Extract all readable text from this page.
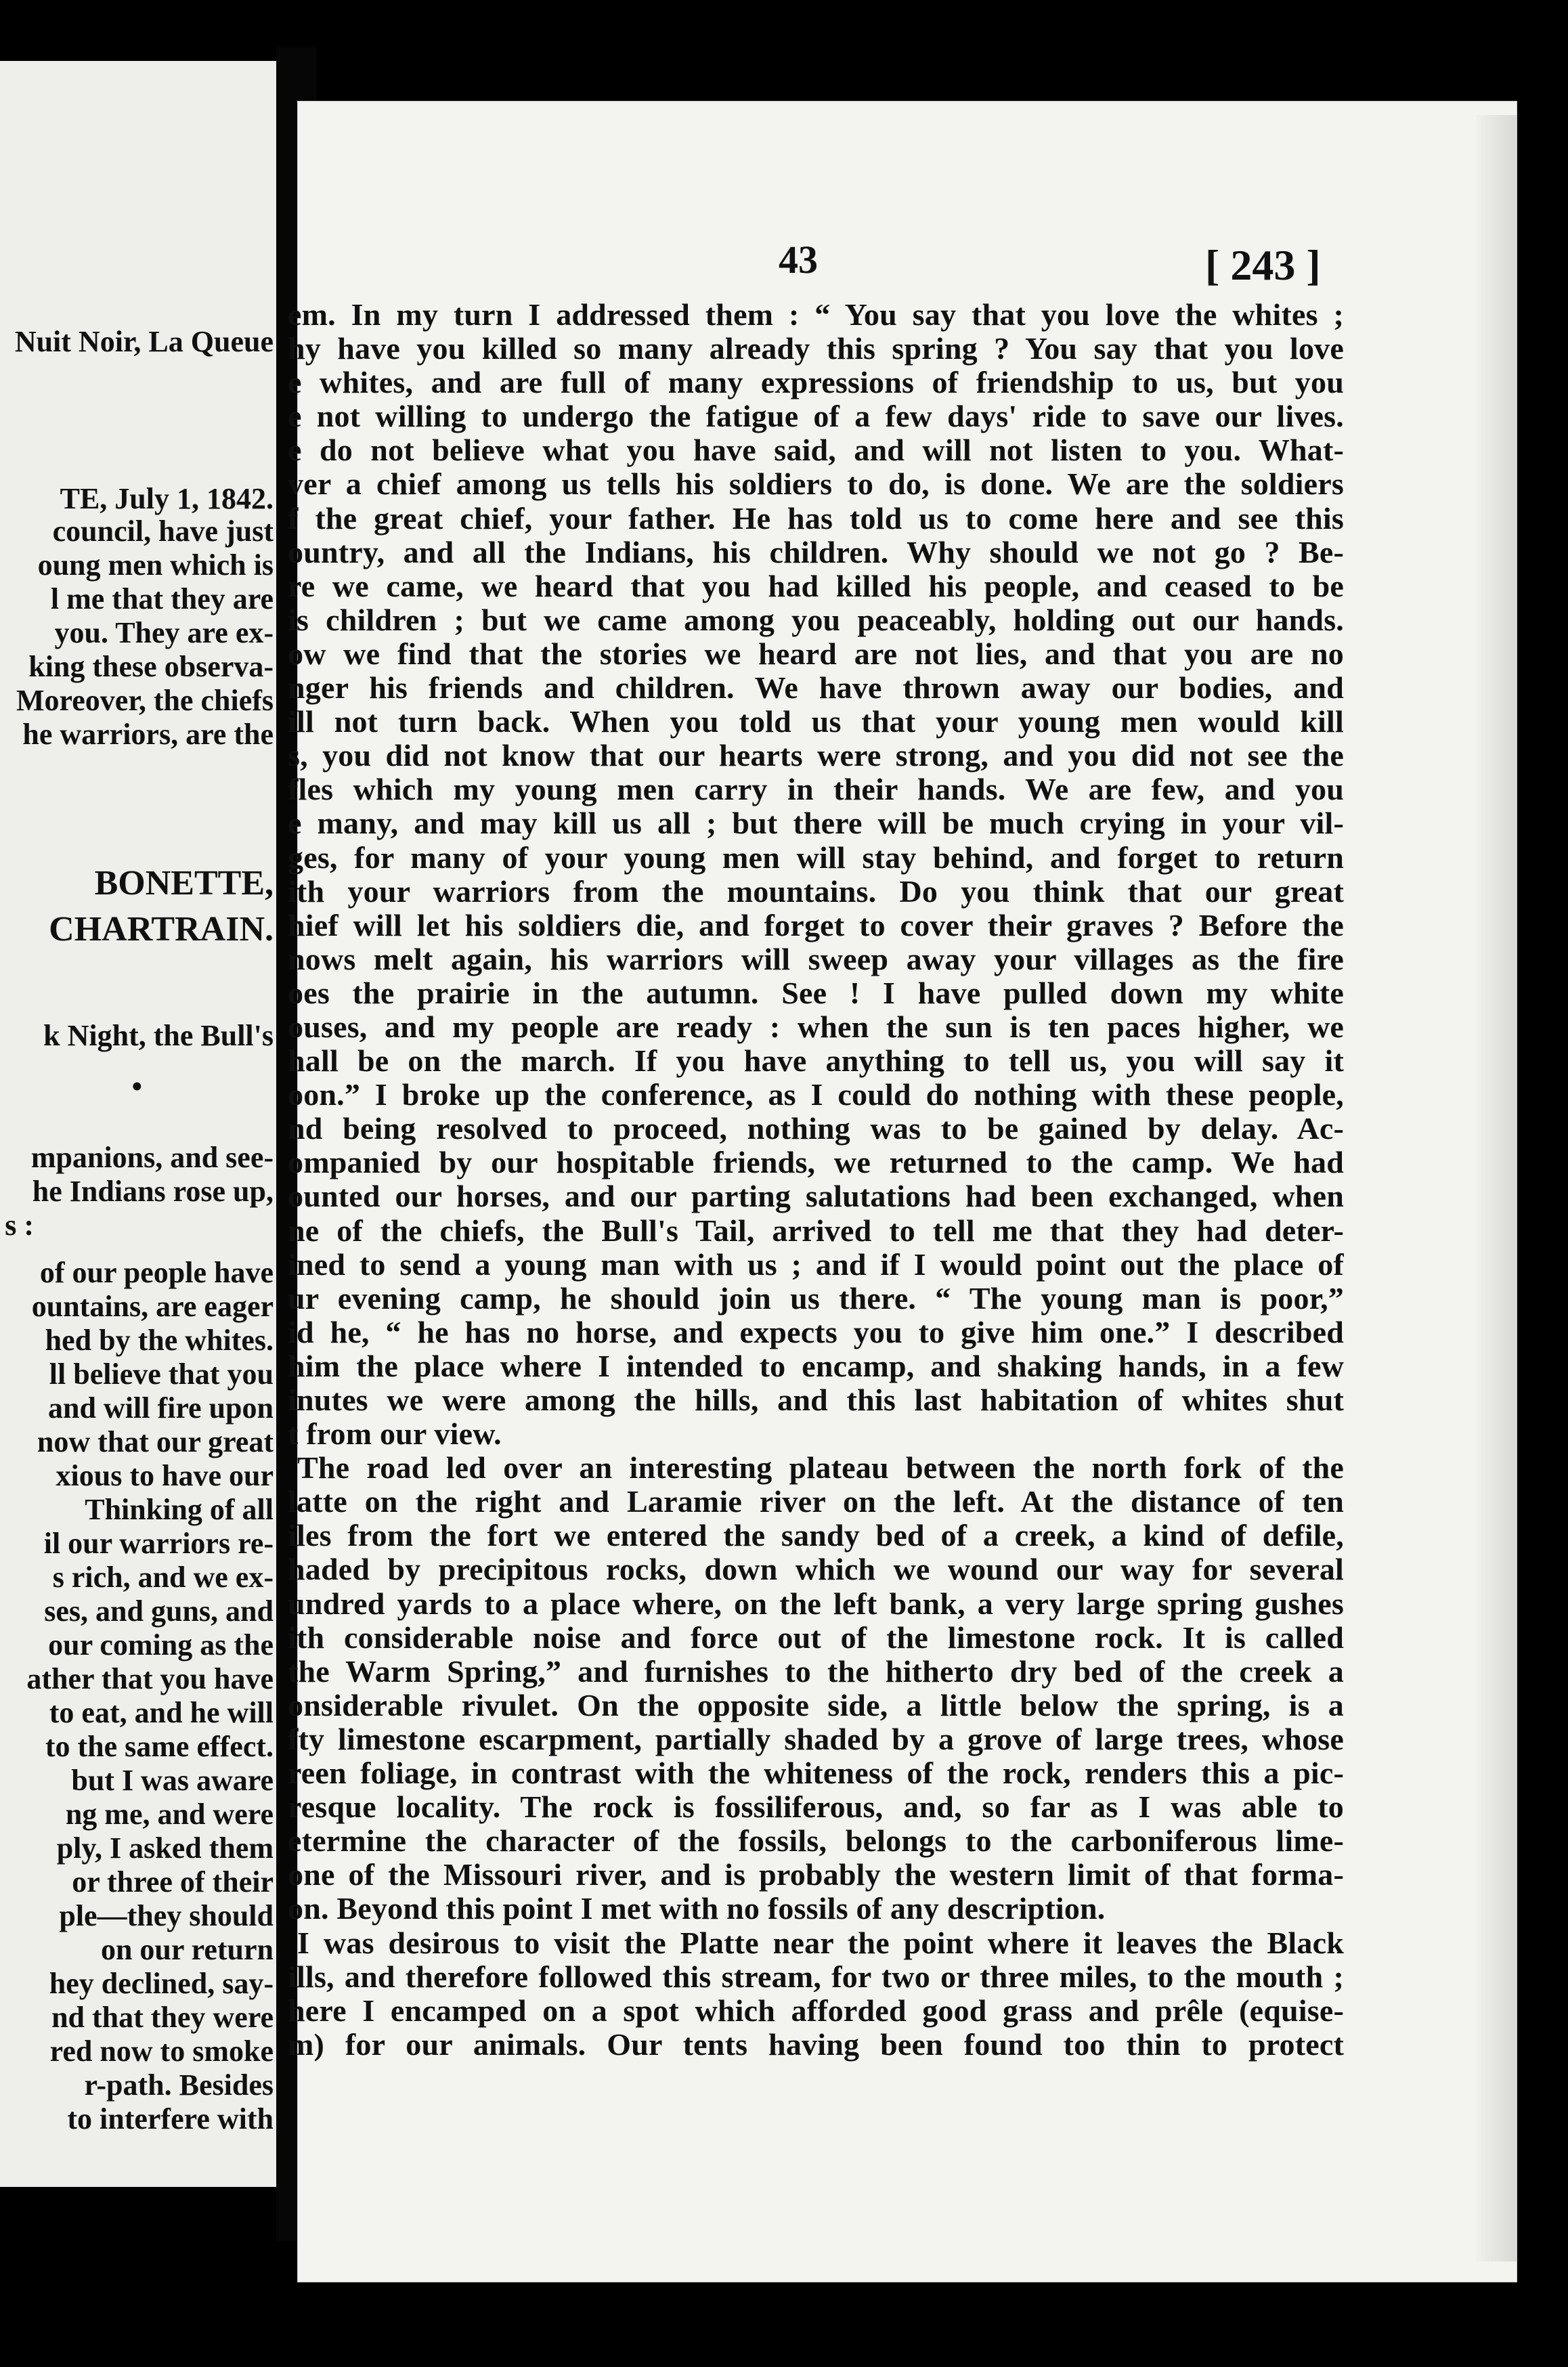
Nuit Noir, La Queue
TE, July 1, 1842.
council, have just
oung men which is
l me that they are
you. They are ex-
king these observa-
Moreover, the chiefs
he warriors, are the
BONETTE,
CHARTRAIN.
k Night, the Bull's
•
mpanions, and see-
he Indians rose up,
s :
of our people have
ountains, are eager
hed by the whites.
ll believe that you
and will fire upon
now that our great
xious to have our
Thinking of all
il our warriors re-
s rich, and we ex-
ses, and guns, and
our coming as the
ather that you have
to eat, and he will
to the same effect.
but I was aware
ng me, and were
ply, I asked them
or three of their
ple—they should
on our return
hey declined, say-
nd that they were
red now to smoke
r-path. Besides
to interfere with
43	[ 243 ]
em. In my turn I addressed them : “ You say that you love the whites ;
hy have you killed so many already this spring ? You say that you love
e whites, and are full of many expressions of friendship to us, but you
e not willing to undergo the fatigue of a few days' ride to save our lives.
e do not believe what you have said, and will not listen to you. What-
ver a chief among us tells his soldiers to do, is done. We are the soldiers
f the great chief, your father. He has told us to come here and see this
ountry, and all the Indians, his children. Why should we not go ? Be-
re we came, we heard that you had killed his people, and ceased to be
is children ; but we came among you peaceably, holding out our hands.
ow we find that the stories we heard are not lies, and that you are no
nger his friends and children. We have thrown away our bodies, and
ill not turn back. When you told us that your young men would kill
s, you did not know that our hearts were strong, and you did not see the
fles which my young men carry in their hands. We are few, and you
e many, and may kill us all ; but there will be much crying in your vil-
ges, for many of your young men will stay behind, and forget to return
ith your warriors from the mountains. Do you think that our great
hief will let his soldiers die, and forget to cover their graves ? Before the
nows melt again, his warriors will sweep away your villages as the fire
oes the prairie in the autumn. See ! I have pulled down my white
ouses, and my people are ready : when the sun is ten paces higher, we
hall be on the march. If you have anything to tell us, you will say it
oon.” I broke up the conference, as I could do nothing with these people,
nd being resolved to proceed, nothing was to be gained by delay. Ac-
ompanied by our hospitable friends, we returned to the camp. We had
ounted our horses, and our parting salutations had been exchanged, when
ne of the chiefs, the Bull's Tail, arrived to tell me that they had deter-
ined to send a young man with us ; and if I would point out the place of
ur evening camp, he should join us there. “ The young man is poor,”
id he, “ he has no horse, and expects you to give him one.” I described
him the place where I intended to encamp, and shaking hands, in a few
inutes we were among the hills, and this last habitation of whites shut
t from our view.
The road led over an interesting plateau between the north fork of the
latte on the right and Laramie river on the left. At the distance of ten
iles from the fort we entered the sandy bed of a creek, a kind of defile,
haded by precipitous rocks, down which we wound our way for several
undred yards to a place where, on the left bank, a very large spring gushes
ith considerable noise and force out of the limestone rock. It is called
the Warm Spring,” and furnishes to the hitherto dry bed of the creek a
onsiderable rivulet. On the opposite side, a little below the spring, is a
fty limestone escarpment, partially shaded by a grove of large trees, whose
reen foliage, in contrast with the whiteness of the rock, renders this a pic-
resque locality. The rock is fossiliferous, and, so far as I was able to
etermine the character of the fossils, belongs to the carboniferous lime-
one of the Missouri river, and is probably the western limit of that forma-
on. Beyond this point I met with no fossils of any description.
I was desirous to visit the Platte near the point where it leaves the Black
ills, and therefore followed this stream, for two or three miles, to the mouth ;
here I encamped on a spot which afforded good grass and prêle (equise-
m) for our animals. Our tents having been found too thin to protect
